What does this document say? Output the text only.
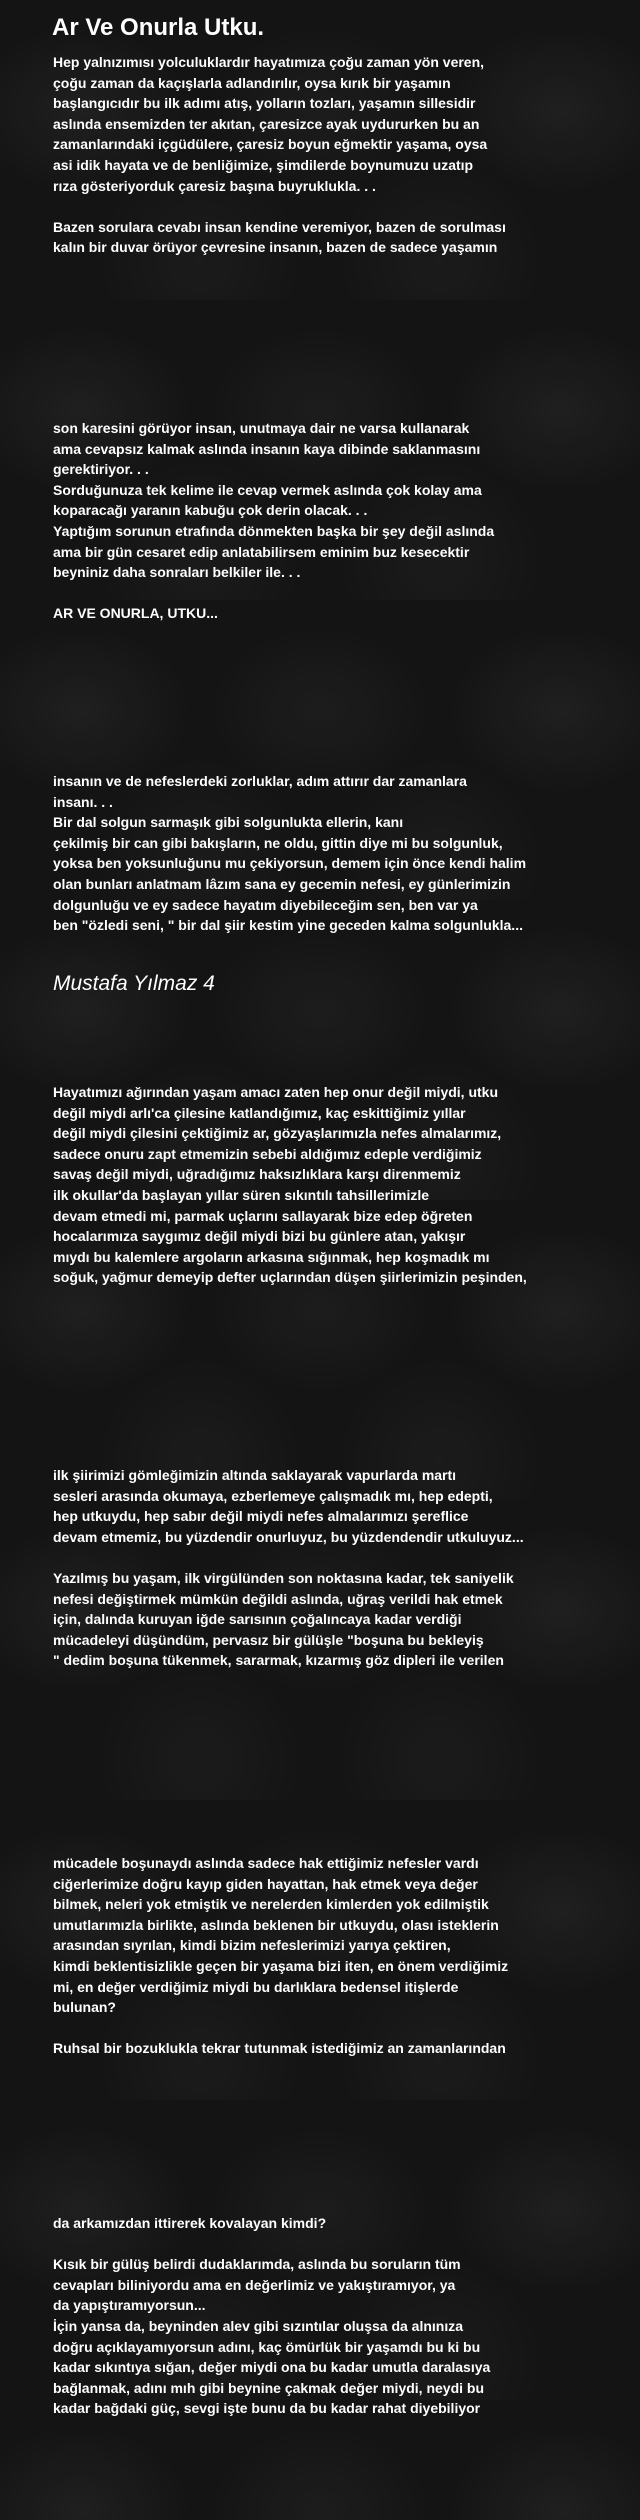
Ar Ve Onurla Utku.
Hep yalnızımısı yolculuklardır hayatımıza çoğu zaman yön veren,
çoğu zaman da kaçışlarla adlandırılır, oysa kırık bir yaşamın
başlangıcıdır bu ilk adımı atış, yolların tozları, yaşamın sillesidir
aslında ensemizden ter akıtan, çaresizce ayak uydururken bu an
zamanlarındaki içgüdülere, çaresiz boyun eğmektir yaşama, oysa
asi idik hayata ve de benliğimize, şimdilerde boynumuzu uzatıp
rıza gösteriyorduk çaresiz başına buyruklukla. . .
Bazen sorulara cevabı insan kendine veremiyor, bazen de sorulması
kalın bir duvar örüyor çevresine insanın, bazen de sadece yaşamın
son karesini görüyor insan, unutmaya dair ne varsa kullanarak
ama cevapsız kalmak aslında insanın kaya dibinde saklanmasını
gerektiriyor. . .
Sorduğunuza tek kelime ile cevap vermek aslında çok kolay ama
koparacağı yaranın kabuğu çok derin olacak. . .
Yaptığım sorunun etrafında dönmekten başka bir şey değil aslında
ama bir gün cesaret edip anlatabilirsem eminim buz kesecektir
beyniniz daha sonraları belkiler ile. . .
AR VE ONURLA, UTKU...
insanın ve de nefeslerdeki zorluklar, adım attırır dar zamanlara
insanı. . .
Bir dal solgun sarmaşık gibi solgunlukta ellerin, kanı
çekilmiş bir can gibi bakışların, ne oldu, gittin diye mi bu solgunluk,
yoksa ben yoksunluğunu mu çekiyorsun, demem için önce kendi halim
olan bunları anlatmam lâzım sana ey gecemin nefesi, ey günlerimizin
dolgunluğu ve ey sadece hayatım diyebileceğim sen, ben var ya
ben "özledi seni, " bir dal şiir kestim yine geceden kalma solgunlukla...
Mustafa Yılmaz 4
Hayatımızı ağırından yaşam amacı zaten hep onur değil miydi, utku
değil miydi arlı'ca çilesine katlandığımız, kaç eskittiğimiz yıllar
değil miydi çilesini çektiğimiz ar, gözyaşlarımızla nefes almalarımız,
sadece onuru zapt etmemizin sebebi aldığımız edeple verdiğimiz
savaş değil miydi, uğradığımız haksızlıklara karşı direnmemiz
ilk okullar'da başlayan yıllar süren sıkıntılı tahsillerimizle
devam etmedi mi, parmak uçlarını sallayarak bize edep öğreten
hocalarımıza saygımız değil miydi bizi bu günlere atan, yakışır
mıydı bu kalemlere argoların arkasına sığınmak, hep koşmadık mı
soğuk, yağmur demeyip defter uçlarından düşen şiirlerimizin peşinden,
ilk şiirimizi gömleğimizin altında saklayarak vapurlarda martı
sesleri arasında okumaya, ezberlemeye çalışmadık mı, hep edepti,
hep utkuydu, hep sabır değil miydi nefes almalarımızı şereflice
devam etmemiz, bu yüzdendir onurluyuz, bu yüzdendendir utkuluyuz...
Yazılmış bu yaşam, ilk virgülünden son noktasına kadar, tek saniyelik
nefesi değiştirmek mümkün değildi aslında, uğraş verildi hak etmek
için, dalında kuruyan iğde sarısının çoğalıncaya kadar verdiği
mücadeleyi düşündüm, pervasız bir gülüşle "boşuna bu bekleyiş
" dedim boşuna tükenmek, sararmak, kızarmış göz dipleri ile verilen
mücadele boşunaydı aslında sadece hak ettiğimiz nefesler vardı
ciğerlerimize doğru kayıp giden hayattan, hak etmek veya değer
bilmek, neleri yok etmiştik ve nerelerden kimlerden yok edilmiştik
umutlarımızla birlikte, aslında beklenen bir utkuydu, olası isteklerin
arasından sıyrılan, kimdi bizim nefeslerimizi yarıya çektiren,
kimdi beklentisizlikle geçen bir yaşama bizi iten, en önem verdiğimiz
mi, en değer verdiğimiz miydi bu darlıklara bedensel itişlerde
bulunan?
Ruhsal bir bozuklukla tekrar tutunmak istediğimiz an zamanlarından
da arkamızdan ittirerek kovalayan kimdi?
Kısık bir gülüş belirdi dudaklarımda, aslında bu soruların tüm
cevapları biliniyordu ama en değerlimiz ve yakıştıramıyor, ya
da yapıştıramıyorsun...
İçin yansa da, beyninden alev gibi sızıntılar oluşsa da alnınıza
doğru açıklayamıyorsun adını, kaç ömürlük bir yaşamdı bu ki bu
kadar sıkıntıya sığan, değer miydi ona bu kadar umutla daralasıya
bağlanmak, adını mıh gibi beynine çakmak değer miydi, neydi bu
kadar bağdaki güç, sevgi işte bunu da bu kadar rahat diyebiliyor
